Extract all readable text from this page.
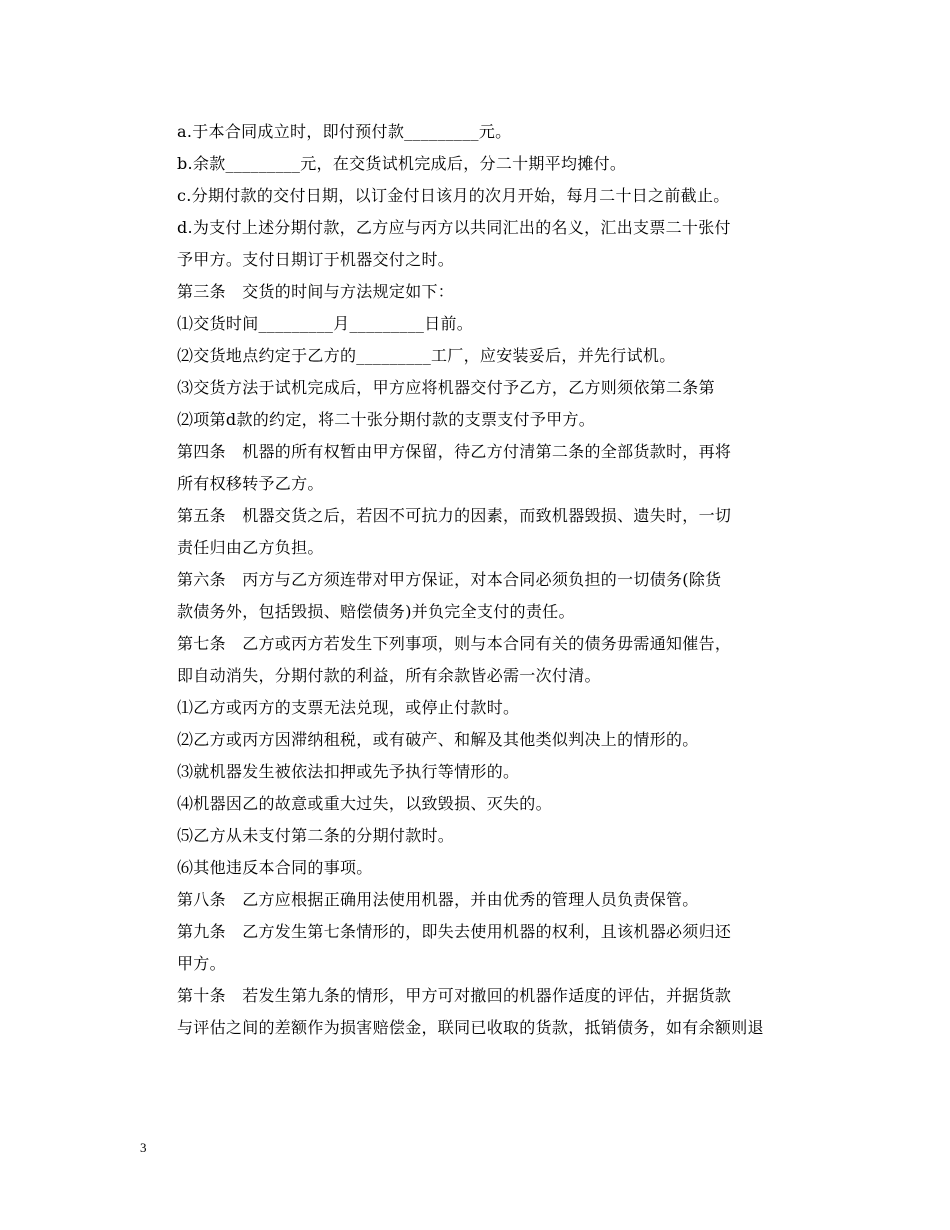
a.于本合同成立时，即付预付款_________元。

b.余款_________元，在交货试机完成后，分二十期平均摊付。

c.分期付款的交付日期，以订金付日该月的次月开始，每月二十日之前截止。

d.为支付上述分期付款，乙方应与丙方以共同汇出的名义，汇出支票二十张付
予甲方。支付日期订于机器交付之时。

第三条　交货的时间与方法规定如下：

⑴交货时间_________月_________日前。

⑵交货地点约定于乙方的_________工厂，应安装妥后，并先行试机。

⑶交货方法于试机完成后，甲方应将机器交付予乙方，乙方则须依第二条第
⑵项第d款的约定，将二十张分期付款的支票支付予甲方。

第四条　机器的所有权暂由甲方保留，待乙方付清第二条的全部货款时，再将
所有权移转予乙方。

第五条　机器交货之后，若因不可抗力的因素，而致机器毁损、遗失时，一切
责任归由乙方负担。

第六条　丙方与乙方须连带对甲方保证，对本合同必须负担的一切债务(除货
款债务外，包括毁损、赔偿债务)并负完全支付的责任。

第七条　乙方或丙方若发生下列事项，则与本合同有关的债务毋需通知催告，
即自动消失，分期付款的利益，所有余款皆必需一次付清。

⑴乙方或丙方的支票无法兑现，或停止付款时。

⑵乙方或丙方因滞纳租税，或有破产、和解及其他类似判决上的情形的。

⑶就机器发生被依法扣押或先予执行等情形的。

⑷机器因乙的故意或重大过失，以致毁损、灭失的。

⑸乙方从未支付第二条的分期付款时。

⑹其他违反本合同的事项。

第八条　乙方应根据正确用法使用机器，并由优秀的管理人员负责保管。

第九条　乙方发生第七条情形的，即失去使用机器的权利，且该机器必须归还
甲方。

第十条　若发生第九条的情形，甲方可对撤回的机器作适度的评估，并据货款
与评估之间的差额作为损害赔偿金，联同已收取的货款，抵销债务，如有余额则退

3
